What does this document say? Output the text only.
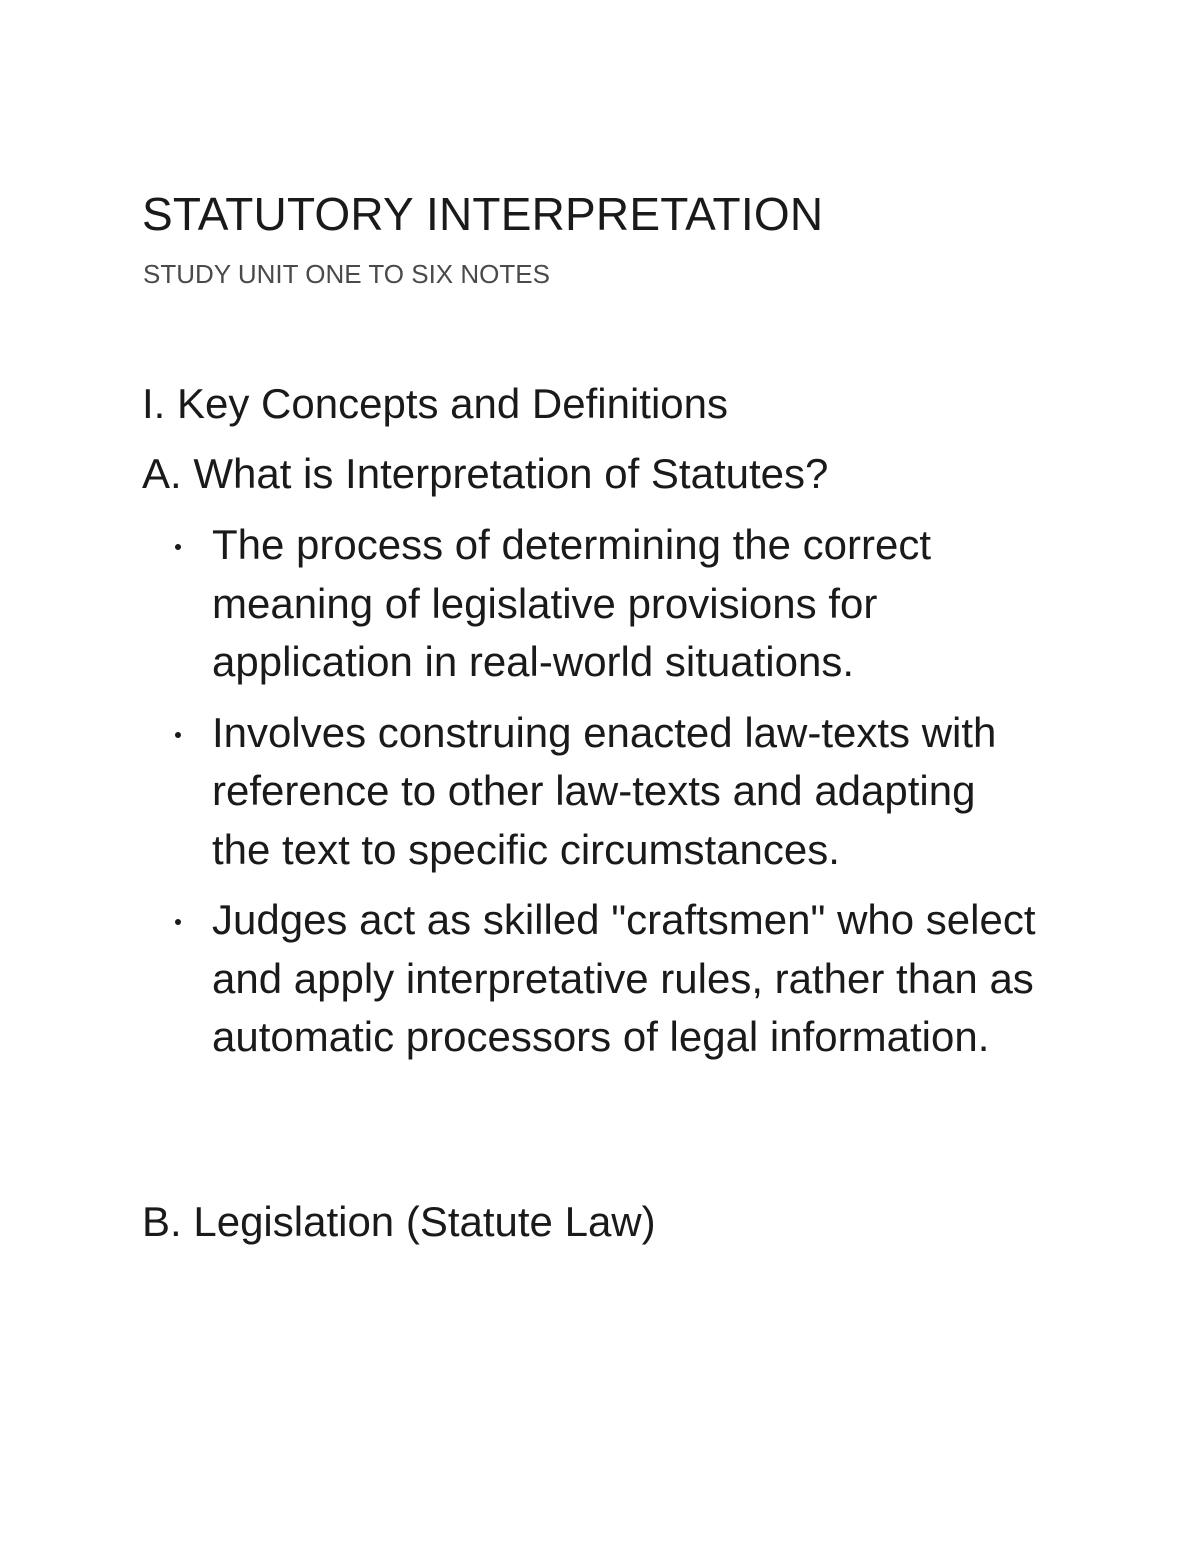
STATUTORY INTERPRETATION

STUDY UNIT ONE TO SIX NOTES

I. Key Concepts and Definitions
A. What is Interpretation of Statutes?
The process of determining the correct meaning of legislative provisions for application in real-world situations.
Involves construing enacted law-texts with reference to other law-texts and adapting the text to specific circumstances.
Judges act as skilled "craftsmen" who select and apply interpretative rules, rather than as automatic processors of legal information.
B. Legislation (Statute Law)
